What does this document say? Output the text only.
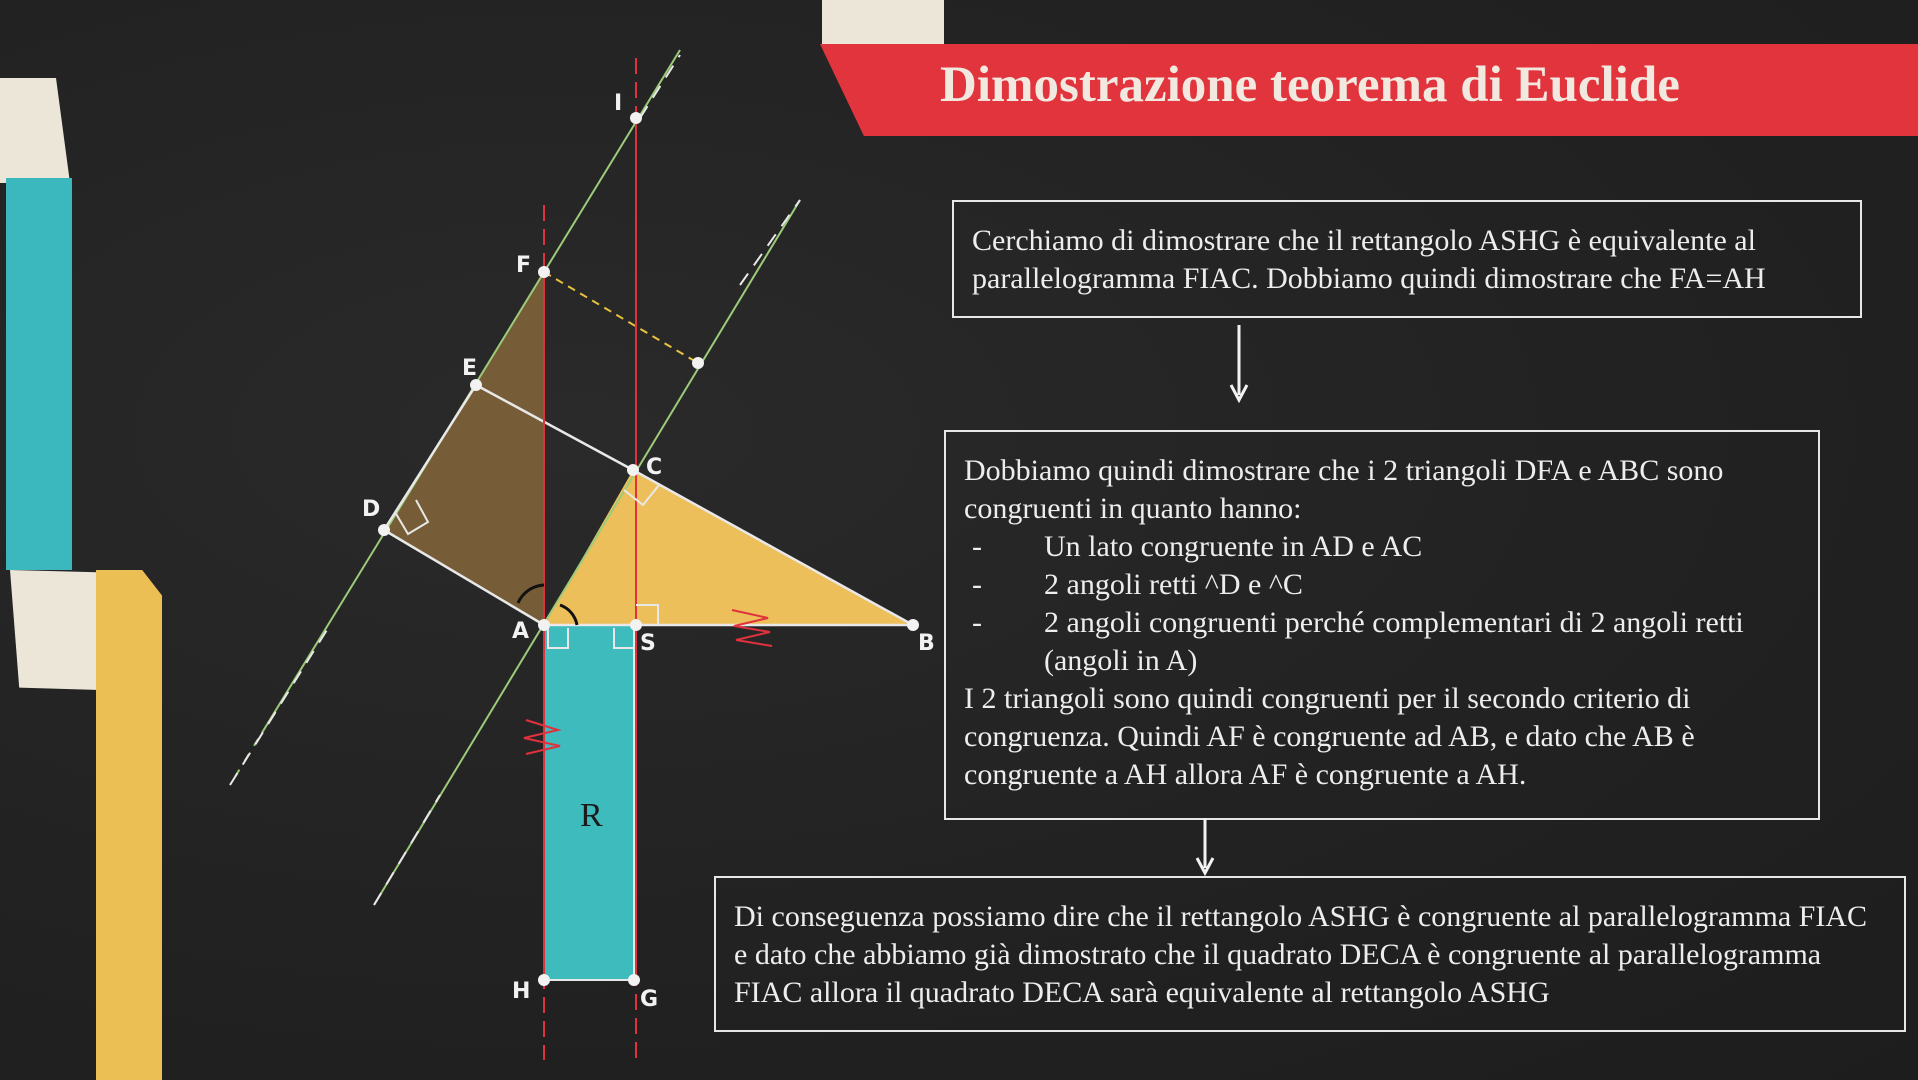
Dimostrazione teorema di Euclide
I
F
E
D
C
A	S	B
H	G
R

Cerchiamo di dimostrare che il rettangolo ASHG è equivalente al parallelogramma FIAC. Dobbiamo quindi dimostrare che FA=AH

Dobbiamo quindi dimostrare che i 2 triangoli DFA e ABC sono congruenti in quanto hanno:

-	Un lato congruente in AD e AC
-	2 angoli retti ^D e ^C
-	2 angoli congruenti perché complementari di 2 angoli retti (angoli in A)

I 2 triangoli sono quindi congruenti per il secondo criterio di congruenza. Quindi AF è congruente ad AB, e dato che AB è congruente a AH allora AF è congruente a AH.

Di conseguenza possiamo dire che il rettangolo ASHG è congruente al parallelogramma FIAC e dato che abbiamo già dimostrato che il quadrato DECA è congruente al parallelogramma FIAC allora il quadrato DECA sarà equivalente al rettangolo ASHG
